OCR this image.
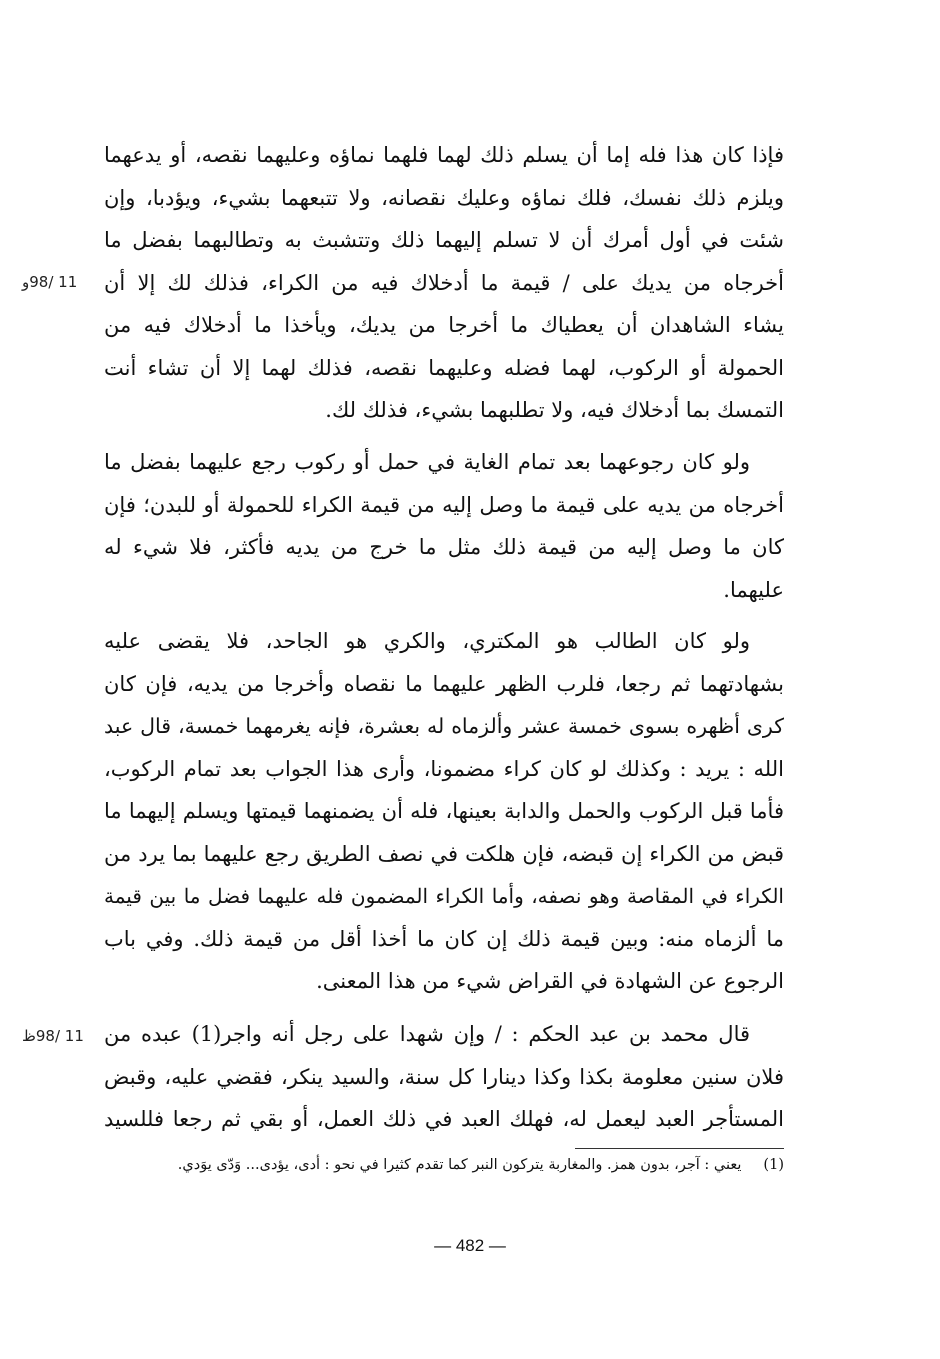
فإذا كان هذا فله إما أن يسلم ذلك لهما فلهما نماؤه وعليهما نقصه، أو يدعهما
ويلزم ذلك نفسك، فلك نماؤه وعليك نقصانه، ولا تتبعهما بشيء، ويؤدبا، وإن
شئت في أول أمرك أن لا تسلم إليهما ذلك وتتشبث به وتطالبهما بفضل ما
أخرجاه من يديك على / قيمة ما أدخلاك فيه من الكراء، فذلك لك إلا أن
يشاء الشاهدان أن يعطياك ما أخرجا من يديك، ويأخذا ما أدخلاك فيه من
الحمولة أو الركوب، لهما فضله وعليهما نقصه، فذلك لهما إلا أن تشاء أنت
التمسك بما أدخلاك فيه، ولا تطلبهما بشيء، فذلك لك.
11 /98و
ولو كان رجوعهما بعد تمام الغاية في حمل أو ركوب رجع عليهما بفضل ما
أخرجاه من يديه على قيمة ما وصل إليه من قيمة الكراء للحمولة أو للبدن؛ فإن
كان ما وصل إليه من قيمة ذلك مثل ما خرج من يديه فأكثر، فلا شيء له
عليهما.
ولو كان الطالب هو المكتري، والكري هو الجاحد، فلا يقضى عليه
بشهادتهما ثم رجعا، فلرب الظهر عليهما ما نقصاه وأخرجا من يديه، فإن كان
كرى أظهره بسوى خمسة عشر وألزماه له بعشرة، فإنه يغرمهما خمسة، قال عبد
الله : يريد : وكذلك لو كان كراء مضمونا، وأرى هذا الجواب بعد تمام الركوب،
فأما قبل الركوب والحمل والدابة بعينها، فله أن يضمنهما قيمتها ويسلم إليهما ما
قبض من الكراء إن قبضه، فإن هلكت في نصف الطريق رجع عليهما بما يرد من
الكراء في المقاصة وهو نصفه، وأما الكراء المضمون فله عليهما فضل ما بين قيمة
ما ألزماه منه: وبين قيمة ذلك إن كان ما أخذا أقل من قيمة ذلك. وفي باب
الرجوع عن الشهادة في القراض شيء من هذا المعنى.
قال محمد بن عبد الحكم : / وإن شهدا على رجل أنه واجر(1) عبده من
فلان سنين معلومة بكذا وكذا دينارا كل سنة، والسيد ينكر، فقضي عليه، وقبض
المستأجر العبد ليعمل له، فهلك العبد في ذلك العمل، أو بقي ثم رجعا فللسيد
11 /98ظ
(1)يعني : آجر، بدون همز. والمغاربة يتركون النبر كما تقدم كثيرا في نحو : أدى، يؤدى... وَدّى يوَدي.
— 482 —
